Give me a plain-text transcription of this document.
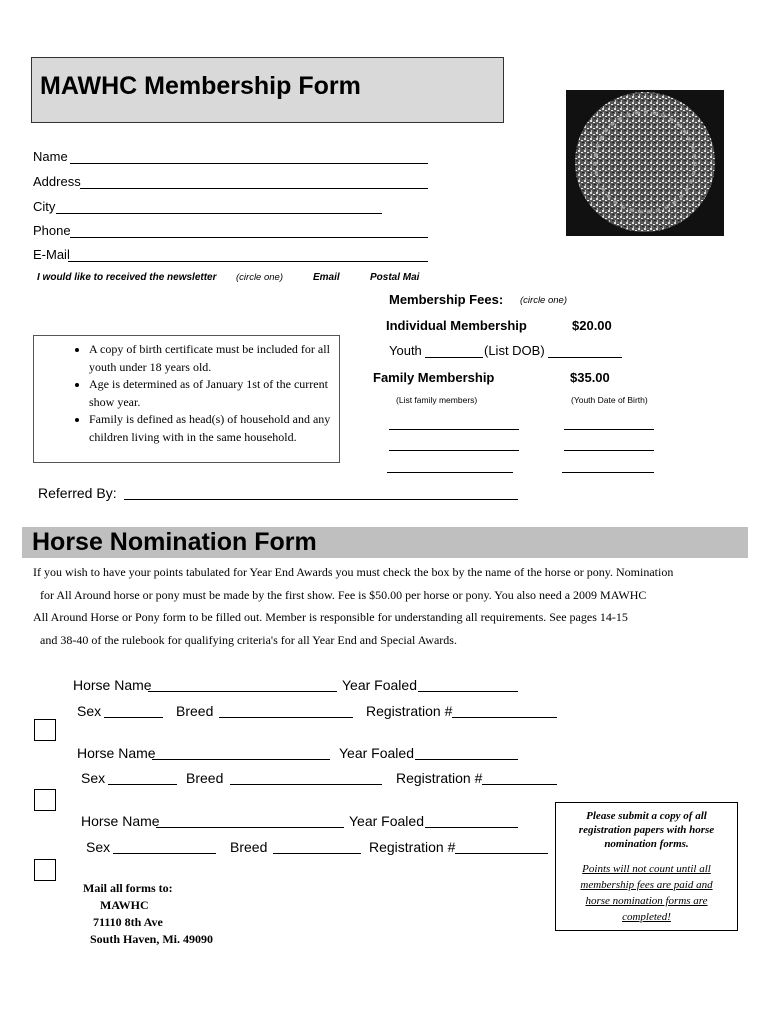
MAWHC Membership Form
Name
Address
City
Phone
E-Mail
I would like to received the newsletter (circle one)	Email	Postal Mai
Membership Fees: (circle one)
Individual Membership	$20.00
Youth	(List DOB)
Family Membership	$35.00
(List family members)	(Youth Date of Birth)
• A copy of birth certificate must be included for all youth under 18 years old.
• Age is determined as of January 1st of the current show year.
• Family is defined as head(s) of household and any children living with in the same household.
Referred By:
Horse Nomination Form
If you wish to have your points tabulated for Year End Awards you must check the box by the name of the horse or pony. Nomination
for All Around horse or pony must be made by the first show. Fee is $50.00 per horse or pony. You also need a 2009 MAWHC
All Around Horse or Pony form to be filled out. Member is responsible for understanding all requirements. See pages 14-15
and 38-40 of the rulebook for qualifying criteria's for all Year End and Special Awards.
Horse Name	Year Foaled
Sex	Breed	Registration #
Horse Name	Year Foaled
Sex	Breed	Registration #
Horse Name	Year Foaled
Sex	Breed	Registration #
Mail all forms to:
MAWHC
71110 8th Ave
South Haven, Mi. 49090
Please submit a copy of all registration papers with horse nomination forms.
Points will not count until all membership fees are paid and horse nomination forms are completed!
